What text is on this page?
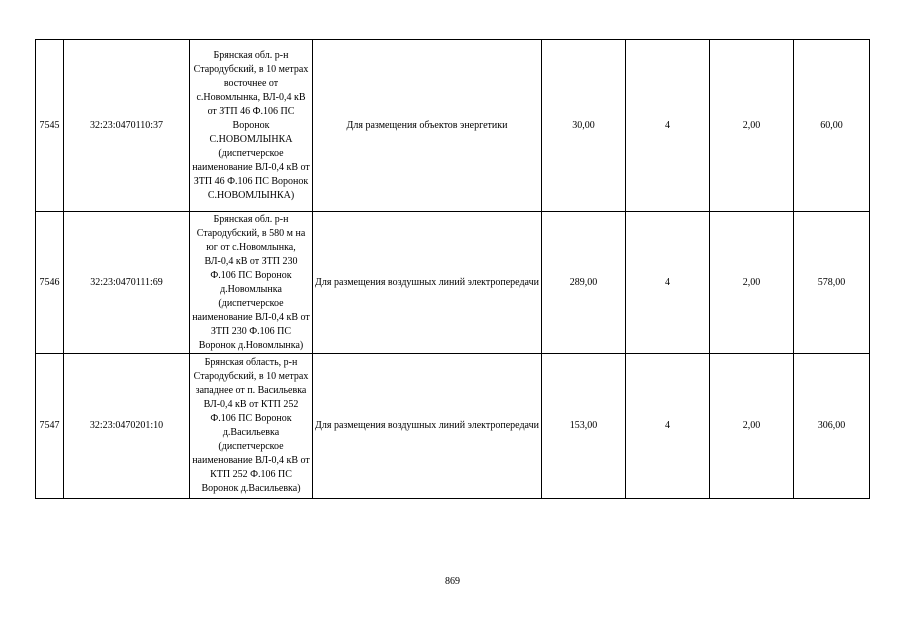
7545	32:23:0470110:37	Брянская обл. р-н Стародубский, в 10 метрах восточнее от с.Новомлынка, ВЛ-0,4 кВ от ЗТП 46 Ф.106 ПС Воронок С.НОВОМЛЫНКА (диспетчерское наименование ВЛ-0,4 кВ от ЗТП 46 Ф.106 ПС Воронок С.НОВОМЛЫНКА)	Для размещения объектов энергетики	30,00	4	2,00	60,00
7546	32:23:0470111:69	Брянская обл. р-н Стародубский, в 580 м на юг от с.Новомлынка, ВЛ-0,4 кВ от ЗТП 230 Ф.106 ПС Воронок д.Новомлынка (диспетчерское наименование ВЛ-0,4 кВ от ЗТП 230 Ф.106 ПС Воронок д.Новомлынка)	Для размещения воздушных линий электропередачи	289,00	4	2,00	578,00
7547	32:23:0470201:10	Брянская область, р-н Стародубский, в 10 метрах западнее от п. Васильевка ВЛ-0,4 кВ от КТП 252 Ф.106 ПС Воронок д.Васильевка (диспетчерское наименование ВЛ-0,4 кВ от КТП 252 Ф.106 ПС Воронок д.Васильевка)	Для размещения воздушных линий электропередачи	153,00	4	2,00	306,00
869
